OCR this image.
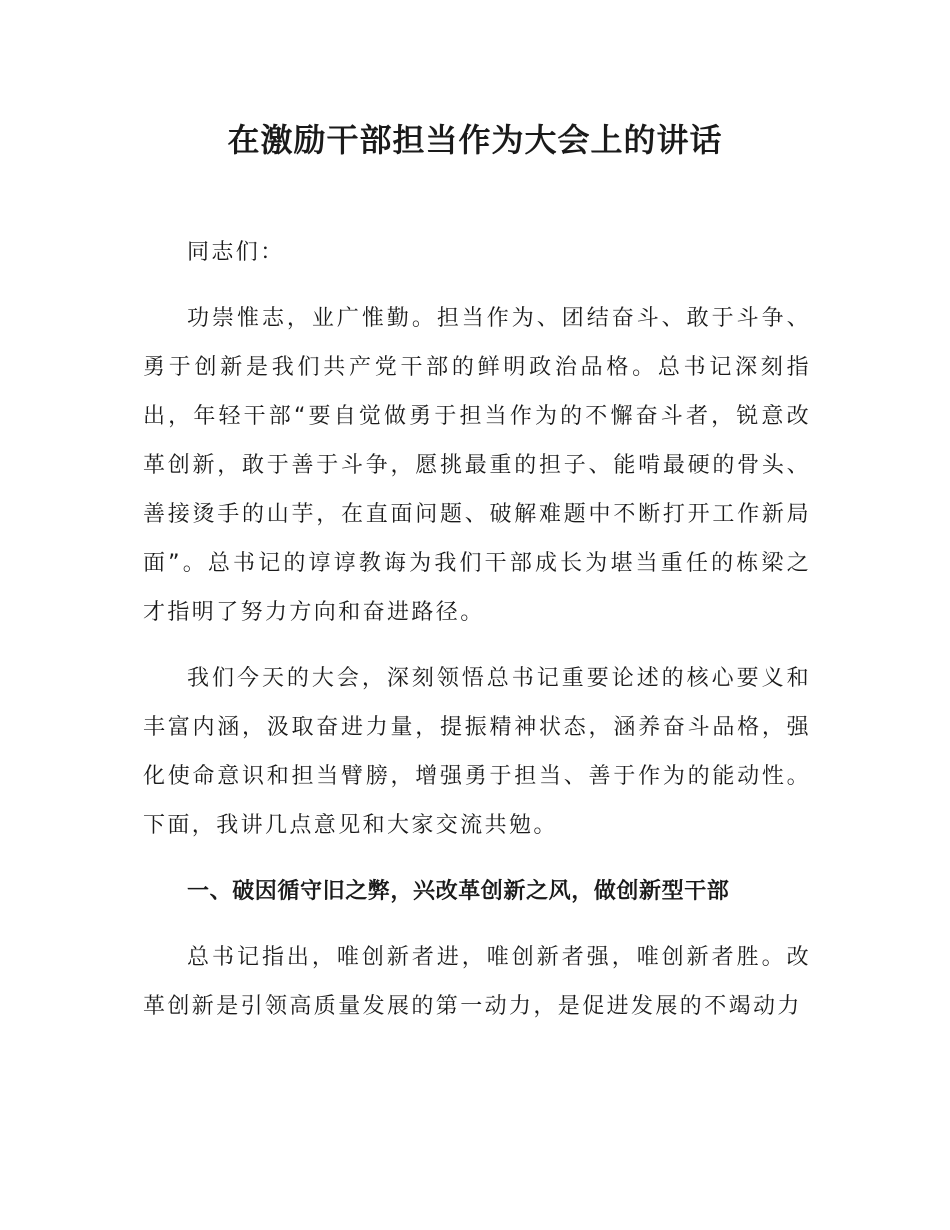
在激励干部担当作为大会上的讲话

同志们：

功崇惟志，业广惟勤。担当作为、团结奋斗、敢于斗争、勇于创新是我们共产党干部的鲜明政治品格。总书记深刻指出，年轻干部“要自觉做勇于担当作为的不懈奋斗者，锐意改革创新，敢于善于斗争，愿挑最重的担子、能啃最硬的骨头、善接烫手的山芋，在直面问题、破解难题中不断打开工作新局面”。总书记的谆谆教诲为我们干部成长为堪当重任的栋梁之才指明了努力方向和奋进路径。

我们今天的大会，深刻领悟总书记重要论述的核心要义和丰富内涵，汲取奋进力量，提振精神状态，涵养奋斗品格，强化使命意识和担当臂膀，增强勇于担当、善于作为的能动性。下面，我讲几点意见和大家交流共勉。

一、破因循守旧之弊，兴改革创新之风，做创新型干部

总书记指出，唯创新者进，唯创新者强，唯创新者胜。改革创新是引领高质量发展的第一动力，是促进发展的不竭动力
